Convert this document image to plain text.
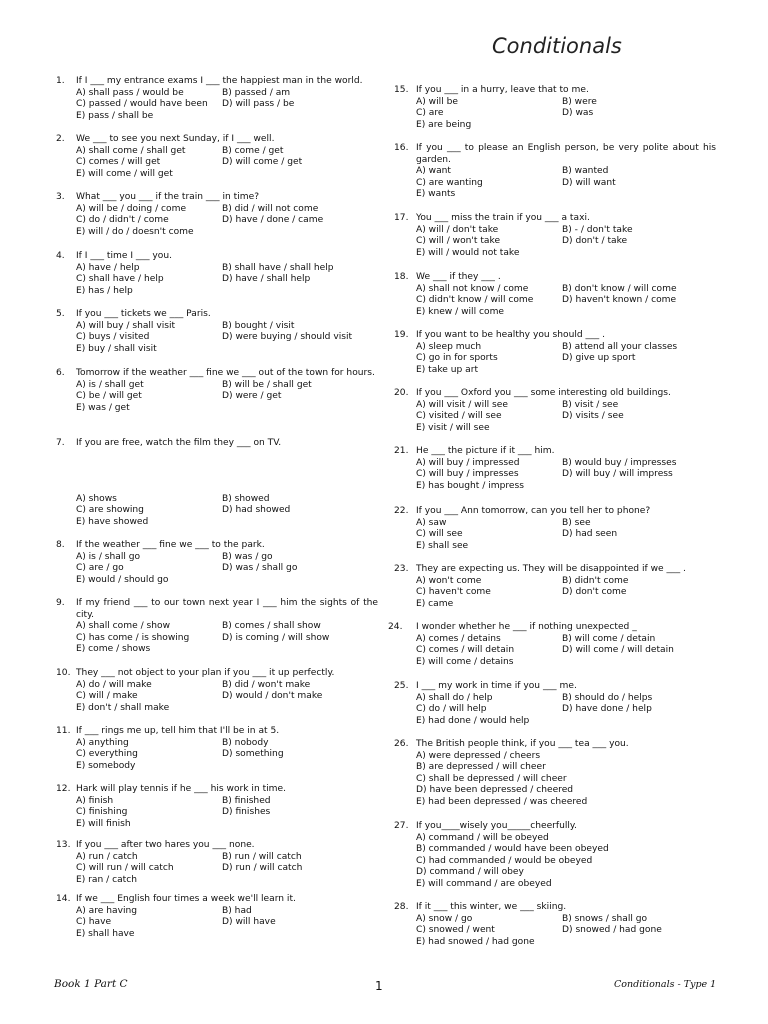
Conditionals
1.	If I ___ my entrance exams I ___ the happiest man in the world.
A) shall pass / would be	B) passed / am
C) passed / would have been	D) will pass / be
E) pass / shall be
2.	We ___ to see you next Sunday, if I ___ well.
A) shall come / shall get	B) come / get
C) comes / will get	D) will come / get
E) will come / will get
3.	What ___ you ___ if the train ___ in time?
A) will be / doing / come	B) did / will not come
C) do / didn't / come	D) have / done / came
E) will / do / doesn't come
4.	If I ___ time I ___ you.
A) have / help	B) shall have / shall help
C) shall have / help	D) have / shall help
E) has / help
5.	If you ___ tickets we ___ Paris.
A) will buy / shall visit	B) bought / visit
C) buys / visited	D) were buying / should visit
E) buy / shall visit
6.	Tomorrow if the weather ___ fine we ___ out of the town for hours.
A) is / shall get	B) will be / shall get
C) be / will get	D) were / get
E) was / get
7.	If you are free, watch the film they ___ on TV.
A) shows	B) showed
C) are showing	D) had showed
E) have showed
8.	If the weather ___ fine we ___ to the park.
A) is / shall go	B) was / go
C) are / go	D) was / shall go
E) would / should go
9.	If my friend ___ to our town next year I ___ him the sights of the city.
A) shall come / show	B) comes / shall show
C) has come / is showing	D) is coming / will show
E) come / shows
10. They ___ not object to your plan if you ___ it up perfectly.
A) do / will make	B) did / won't make
C) will / make	D) would / don't make
E) don't / shall make
11. If ___ rings me up, tell him that I'll be in at 5.
A) anything	B) nobody
C) everything	D) something
E) somebody
12. Hark will play tennis if he ___ his work in time.
A) finish	B) finished
C) finishing	D) finishes
E) will finish
13. If you ___ after two hares you ___ none.
A) run / catch	B) run / will catch
C) will run / will catch	D) run / will catch
E) ran / catch
14. If we ___ English four times a week we'll learn it.
A) are having	B) had
C) have	D) will have
E) shall have
15. If you ___ in a hurry, leave that to me.
A) will be	B) were
C) are	D) was
E) are being
16. If you ___ to please an English person, be very polite about his garden.
A) want	B) wanted
C) are wanting	D) will want
E) wants
17. You ___ miss the train if you ___ a taxi.
A) will / don't take	B) - / don't take
C) will / won't take	D) don't / take
E) will / would not take
18. We ___ if they ___ .
A) shall not know / come	B) don't know / will come
C) didn't know / will come	D) haven't known / come
E) knew / will come
19. If you want to be healthy you should ___ .
A) sleep much	B) attend all your classes
C) go in for sports	D) give up sport
E) take up art
20. If you ___ Oxford you ___ some interesting old buildings.
A) will visit / will see	B) visit / see
C) visited / will see	D) visits / see
E) visit / will see
21. He ___ the picture if it ___ him.
A) will buy / impressed	B) would buy / impresses
C) will buy / impresses	D) will buy / will impress
E) has bought / impress
22. If you ___ Ann tomorrow, can you tell her to phone?
A) saw	B) see
C) will see	D) had seen
E) shall see
23. They are expecting us. They will be disappointed if we ___ .
A) won't come	B) didn't come
C) haven't come	D) don't come
E) came
24.	I wonder whether he ___ if nothing unexpected _
A) comes / detains	B) will come / detain
C) comes / will detain	D) will come / will detain
E) will come / detains
25. I ___ my work in time if you ___ me.
A) shall do / help	B) should do / helps
C) do / will help	D) have done / help
E) had done / would help
26. The British people think, if you ___ tea ___ you.
A) were depressed / cheers
B) are depressed / will cheer
C) shall be depressed / will cheer
D) have been depressed / cheered
E) had been depressed / was cheered
27. If you____wisely you_____cheerfully.
A) command / will be obeyed
B) commanded / would have been obeyed
C) had commanded / would be obeyed
D) command / will obey
E) will command / are obeyed
28. If it ___ this winter, we ___ skiing.
A) snow / go	B) snows / shall go
C) snowed / went	D) snowed / had gone
E) had snowed / had gone
Book 1 Part C	1	Conditionals - Type 1
